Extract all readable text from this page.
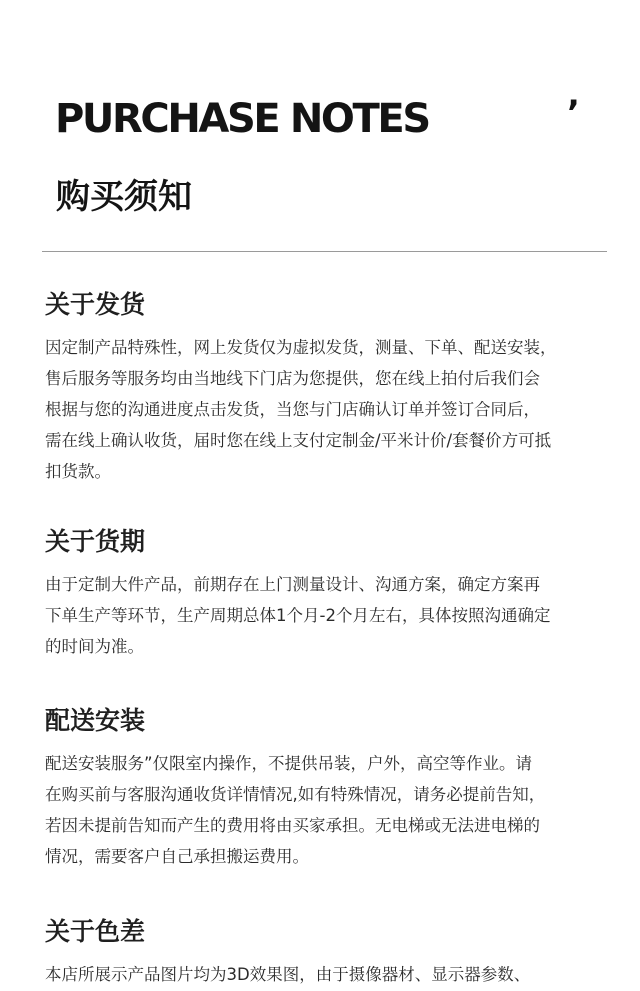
PURCHASE NOTES	’
购买须知
关于发货

因定制产品特殊性，网上发货仅为虚拟发货，测量、下单、配送安装，
售后服务等服务均由当地线下门店为您提供，您在线上拍付后我们会
根据与您的沟通进度点击发货，当您与门店确认订单并签订合同后，
需在线上确认收货，届时您在线上支付定制金/平米计价/套餐价方可抵
扣货款。

关于货期

由于定制大件产品，前期存在上门测量设计、沟通方案，确定方案再
下单生产等环节，生产周期总体1个月-2个月左右，具体按照沟通确定
的时间为准。

配送安装

配送安装服务”仅限室内操作，不提供吊装，户外，高空等作业。请
在购买前与客服沟通收货详情情况,如有特殊情况，请务必提前告知，
若因未提前告知而产生的费用将由买家承担。无电梯或无法进电梯的
情况，需要客户自己承担搬运费用。

关于色差

本店所展示产品图片均为3D效果图，由于摄像器材、显示器参数、
